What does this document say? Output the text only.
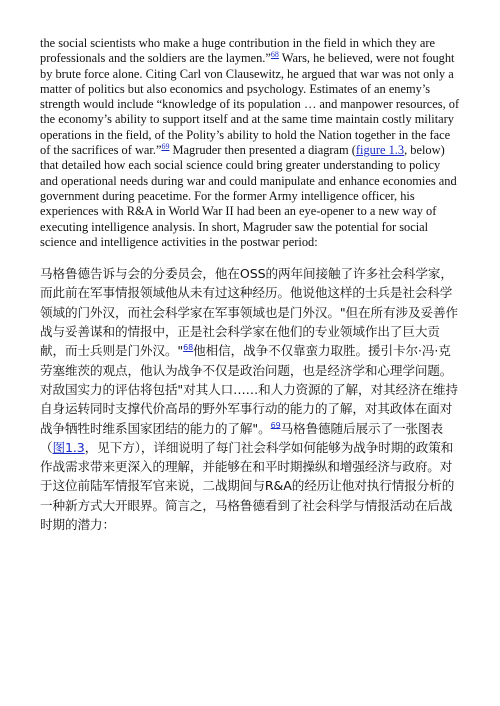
the social scientists who make a huge contribution in the field in which they are professionals and the soldiers are the laymen.”$^{68}$ Wars, he believed, were not fought by brute force alone. Citing Carl von Clausewitz, he argued that war was not only a matter of politics but also economics and psychology. Estimates of an enemy’s strength would include “knowledge of its population … and manpower resources, of the economy’s ability to support itself and at the same time maintain costly military operations in the field, of the Polity’s ability to hold the Nation together in the face of the sacrifices of war.”$^{69}$ Magruder then presented a diagram (figure 1.3, below) that detailed how each social science could bring greater understanding to policy and operational needs during war and could manipulate and enhance economies and government during peacetime. For the former Army intelligence officer, his experiences with R&A in World War II had been an eye-opener to a new way of executing intelligence analysis. In short, Magruder saw the potential for social science and intelligence activities in the postwar period:

马格鲁德告诉与会的分委员会，他在OSS的两年间接触了许多社会科学家，而此前在军事情报领域他从未有过这种经历。他说他这样的士兵是社会科学领域的门外汉，而社会科学家在军事领域也是门外汉。"但在所有涉及妥善作战与妥善谋和的情报中，正是社会科学家在他们的专业领域作出了巨大贡献，而士兵则是门外汉。"$^{68}$他相信，战争不仅靠蛮力取胜。援引卡尔·冯·克劳塞维茨的观点，他认为战争不仅是政治问题，也是经济学和心理学问题。对敌国实力的评估将包括"对其人口……和人力资源的了解，对其经济在维持自身运转同时支撑代价高昂的野外军事行动的能力的了解，对其政体在面对战争牺牲时维系国家团结的能力的了解"。$^{69}$马格鲁德随后展示了一张图表（图1.3，见下方），详细说明了每门社会科学如何能够为战争时期的政策和作战需求带来更深入的理解，并能够在和平时期操纵和增强经济与政府。对于这位前陆军情报军官来说，二战期间与R&A的经历让他对执行情报分析的一种新方式大开眼界。简言之，马格鲁德看到了社会科学与情报活动在后战时期的潜力：
